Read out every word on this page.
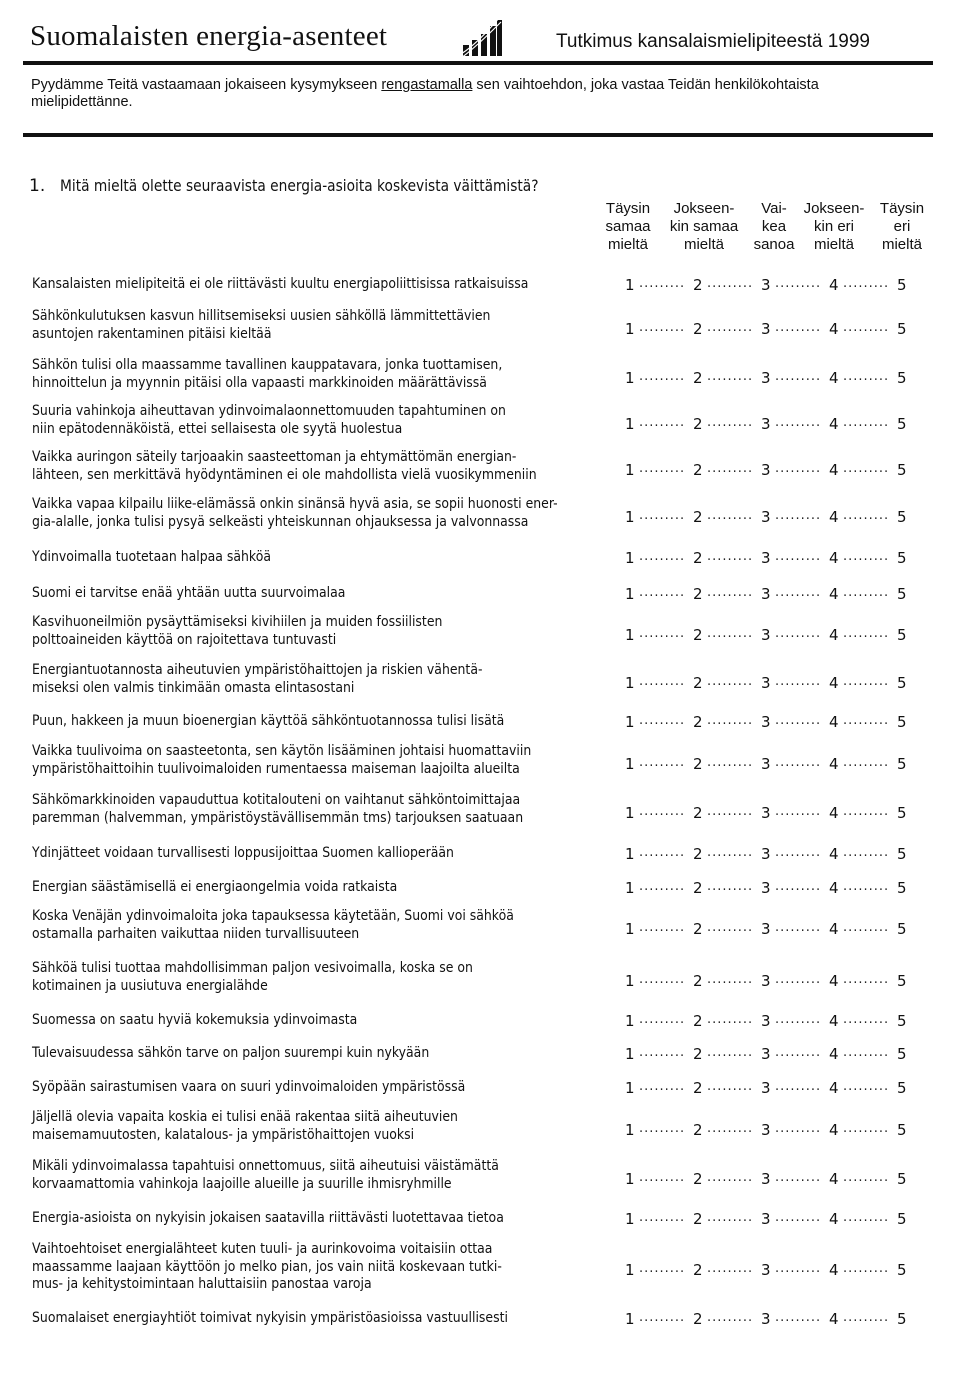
Suomalaisten energia-asenteet	Tutkimus kansalaismielipiteestä 1999
Pyydämme Teitä vastaamaan jokaiseen kysymykseen rengastamalla sen vaihtoehdon, joka vastaa Teidän henkilökohtaista mielipidettänne.
1. Mitä mieltä olette seuraavista energia-asioita koskevista väittämistä?
Täysin
samaa
mieltä
Jokseen-
kin samaa
mieltä
Vai-
kea
sanoa
Jokseen-
kin eri
mieltä
Täysin
eri
mieltä
Kansalaisten mielipiteitä ei ole riittävästi kuultu energiapoliittisissa ratkaisuissa
Sähkönkulutuksen kasvun hillitsemiseksi uusien sähköllä lämmittettävien
asuntojen rakentaminen pitäisi kieltää
Sähkön tulisi olla maassamme tavallinen kauppatavara, jonka tuottamisen,
hinnoittelun ja myynnin pitäisi olla vapaasti markkinoiden määrättävissä
Suuria vahinkoja aiheuttavan ydinvoimalaonnettomuuden tapahtuminen on
niin epätodennäköistä, ettei sellaisesta ole syytä huolestua
Vaikka auringon säteily tarjoaakin saasteettoman ja ehtymättömän energian-
lähteen, sen merkittävä hyödyntäminen ei ole mahdollista vielä vuosikymmeniin
Vaikka vapaa kilpailu liike-elämässä onkin sinänsä hyvä asia, se sopii huonosti ener-
gia-alalle, jonka tulisi pysyä selkeästi yhteiskunnan ohjauksessa ja valvonnassa
Ydinvoimalla tuotetaan halpaa sähköä
Suomi ei tarvitse enää yhtään uutta suurvoimalaa
Kasvihuoneilmiön pysäyttämiseksi kivihiilen ja muiden fossiilisten
polttoaineiden käyttöä on rajoitettava tuntuvasti
Energiantuotannosta aiheutuvien ympäristöhaittojen ja riskien vähentä-
miseksi olen valmis tinkimään omasta elintasostani
Puun, hakkeen ja muun bioenergian käyttöä sähköntuotannossa tulisi lisätä
Vaikka tuulivoima on saasteetonta, sen käytön lisääminen johtaisi huomattaviin
ympäristöhaittoihin tuulivoimaloiden rumentaessa maiseman laajoilta alueilta
Sähkömarkkinoiden vapauduttua kotitalouteni on vaihtanut sähköntoimittajaa
paremman (halvemman, ympäristöystävällisemmän tms) tarjouksen saatuaan
Ydinjätteet voidaan turvallisesti loppusijoittaa Suomen kallioperään
Energian säästämisellä ei energiaongelmia voida ratkaista
Koska Venäjän ydinvoimaloita joka tapauksessa käytetään, Suomi voi sähköä
ostamalla parhaiten vaikuttaa niiden turvallisuuteen
Sähköä tulisi tuottaa mahdollisimman paljon vesivoimalla, koska se on
kotimainen ja uusiutuva energialähde
Suomessa on saatu hyviä kokemuksia ydinvoimasta
Tulevaisuudessa sähkön tarve on paljon suurempi kuin nykyään
Syöpään sairastumisen vaara on suuri ydinvoimaloiden ympäristössä
Jäljellä olevia vapaita koskia ei tulisi enää rakentaa siitä aiheutuvien
maisemamuutosten, kalatalous- ja ympäristöhaittojen vuoksi
Mikäli ydinvoimalassa tapahtuisi onnettomuus, siitä aiheutuisi väistämättä
korvaamattomia vahinkoja laajoille alueille ja suurille ihmisryhmille
Energia-asioista on nykyisin jokaisen saatavilla riittävästi luotettavaa tietoa
Vaihtoehtoiset energialähteet kuten tuuli- ja aurinkovoima voitaisiin ottaa
maassamme laajaan käyttöön jo melko pian, jos vain niitä koskevaan tutki-
mus- ja kehitystoimintaan haluttaisiin panostaa varoja
Suomalaiset energiayhtiöt toimivat nykyisin ympäristöasioissa vastuullisesti
1 ......... 2 ......... 3 ......... 4 ......... 5
1 ......... 2 ......... 3 ......... 4 ......... 5
1 ......... 2 ......... 3 ......... 4 ......... 5
1 ......... 2 ......... 3 ......... 4 ......... 5
1 ......... 2 ......... 3 ......... 4 ......... 5
1 ......... 2 ......... 3 ......... 4 ......... 5
1 ......... 2 ......... 3 ......... 4 ......... 5
1 ......... 2 ......... 3 ......... 4 ......... 5
1 ......... 2 ......... 3 ......... 4 ......... 5
1 ......... 2 ......... 3 ......... 4 ......... 5
1 ......... 2 ......... 3 ......... 4 ......... 5
1 ......... 2 ......... 3 ......... 4 ......... 5
1 ......... 2 ......... 3 ......... 4 ......... 5
1 ......... 2 ......... 3 ......... 4 ......... 5
1 ......... 2 ......... 3 ......... 4 ......... 5
1 ......... 2 ......... 3 ......... 4 ......... 5
1 ......... 2 ......... 3 ......... 4 ......... 5
1 ......... 2 ......... 3 ......... 4 ......... 5
1 ......... 2 ......... 3 ......... 4 ......... 5
1 ......... 2 ......... 3 ......... 4 ......... 5
1 ......... 2 ......... 3 ......... 4 ......... 5
1 ......... 2 ......... 3 ......... 4 ......... 5
1 ......... 2 ......... 3 ......... 4 ......... 5
1 ......... 2 ......... 3 ......... 4 ......... 5
1 ......... 2 ......... 3 ......... 4 ......... 5
